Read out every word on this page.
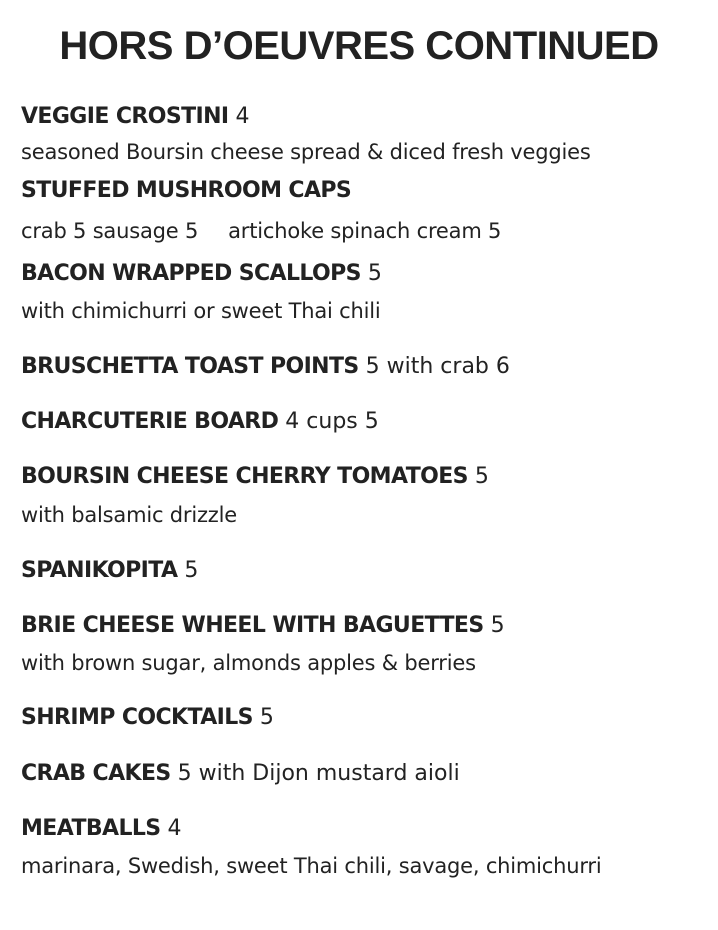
HORS D’OEUVRES CONTINUED
VEGGIE CROSTINI 4
seasoned Boursin cheese spread & diced fresh veggies
STUFFED MUSHROOM CAPS
crab 5 sausage 5 artichoke spinach cream 5
BACON WRAPPED SCALLOPS 5
with chimichurri or sweet Thai chili
BRUSCHETTA TOAST POINTS 5 with crab 6
CHARCUTERIE BOARD 4 cups 5
BOURSIN CHEESE CHERRY TOMATOES 5
with balsamic drizzle
SPANIKOPITA 5
BRIE CHEESE WHEEL WITH BAGUETTES 5
with brown sugar, almonds apples & berries
SHRIMP COCKTAILS 5
CRAB CAKES 5 with Dijon mustard aioli
MEATBALLS 4
marinara, Swedish, sweet Thai chili, savage, chimichurri
